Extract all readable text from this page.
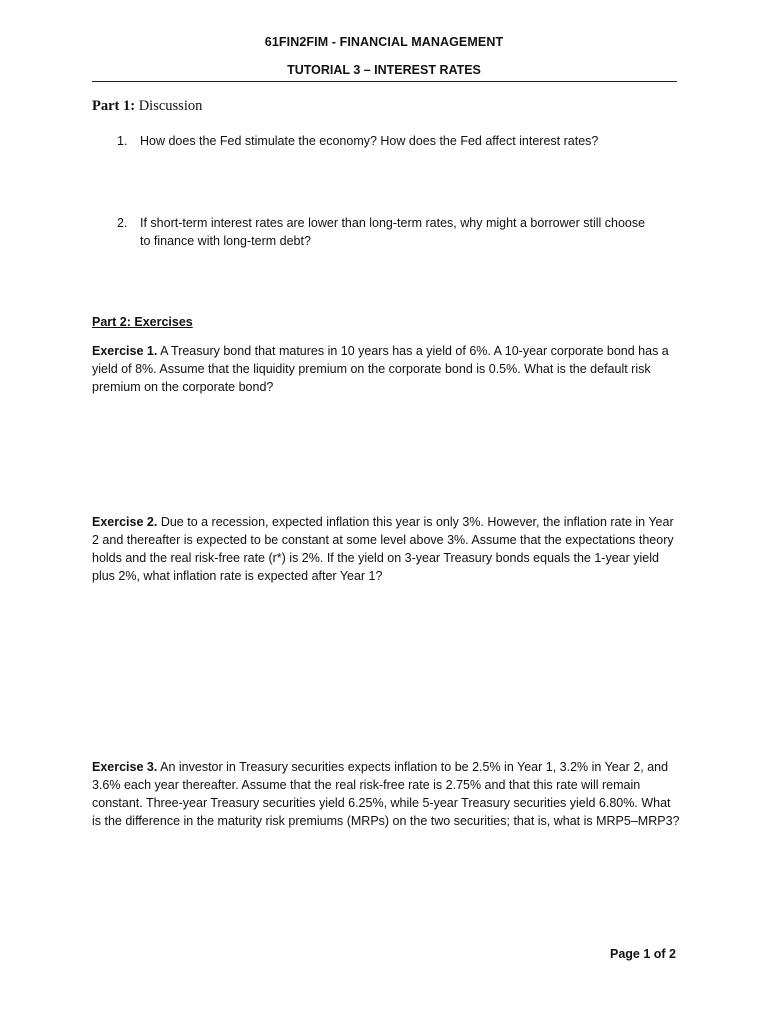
61FIN2FIM - FINANCIAL MANAGEMENT
TUTORIAL 3 – INTEREST RATES
Part 1: Discussion
1. How does the Fed stimulate the economy? How does the Fed affect interest rates?
2. If short-term interest rates are lower than long-term rates, why might a borrower still choose to finance with long-term debt?
Part 2: Exercises
Exercise 1. A Treasury bond that matures in 10 years has a yield of 6%. A 10-year corporate bond has a yield of 8%. Assume that the liquidity premium on the corporate bond is 0.5%. What is the default risk premium on the corporate bond?
Exercise 2. Due to a recession, expected inflation this year is only 3%. However, the inflation rate in Year 2 and thereafter is expected to be constant at some level above 3%. Assume that the expectations theory holds and the real risk-free rate (r*) is 2%. If the yield on 3-year Treasury bonds equals the 1-year yield plus 2%, what inflation rate is expected after Year 1?
Exercise 3. An investor in Treasury securities expects inflation to be 2.5% in Year 1, 3.2% in Year 2, and 3.6% each year thereafter. Assume that the real risk-free rate is 2.75% and that this rate will remain constant. Three-year Treasury securities yield 6.25%, while 5-year Treasury securities yield 6.80%. What is the difference in the maturity risk premiums (MRPs) on the two securities; that is, what is MRP5–MRP3?
Page 1 of 2
